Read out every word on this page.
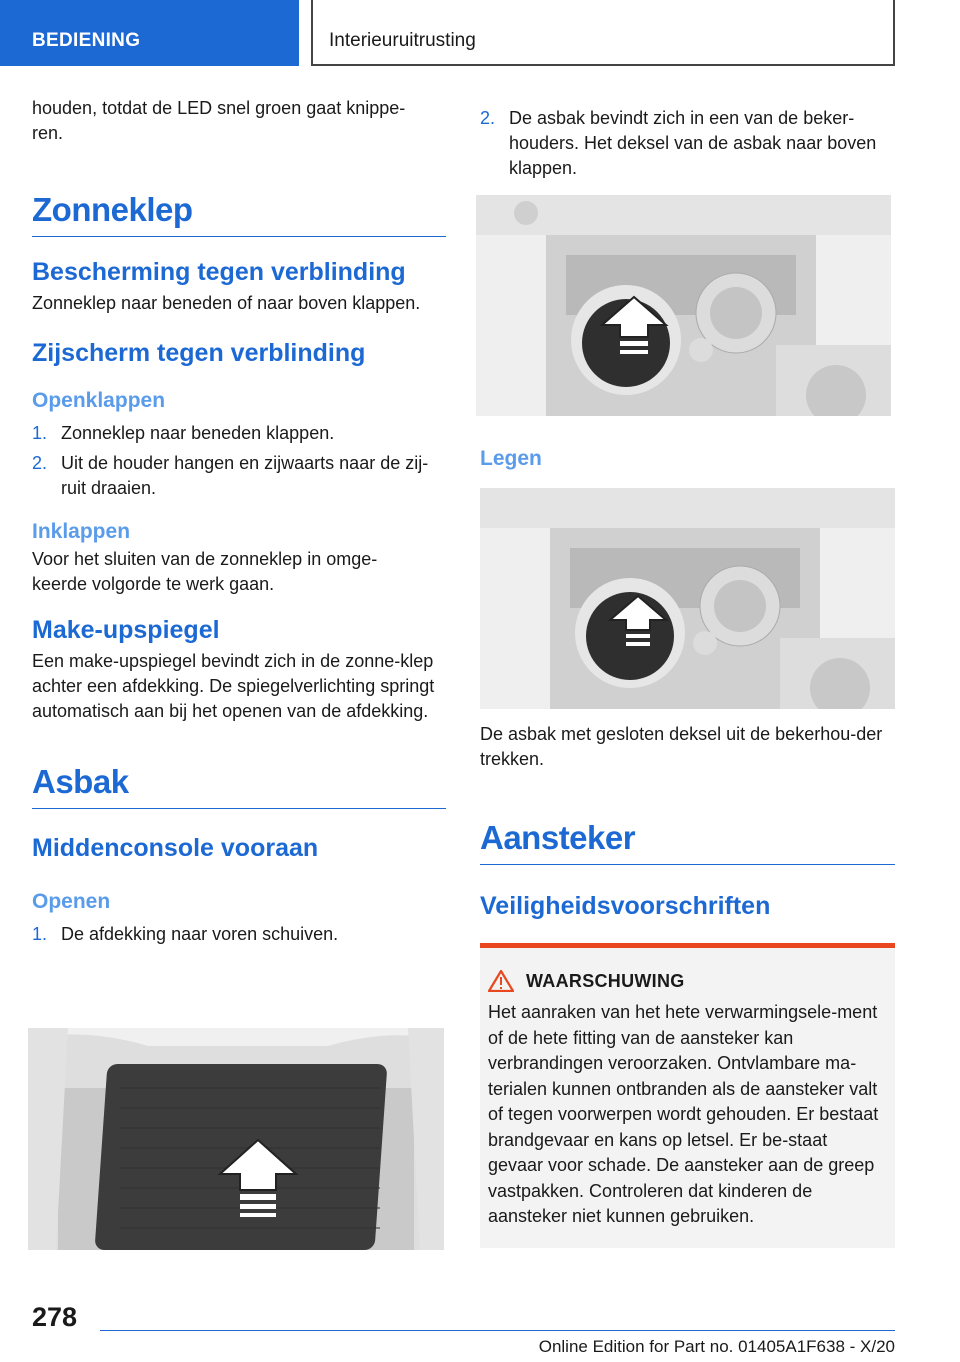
BEDIENING	Interieuruitrusting

houden, totdat de LED snel groen gaat knippe-ren.

Zonneklep
Bescherming tegen verblinding

Zonneklep naar beneden of naar boven klappen.

Zijscherm tegen verblinding
Openklappen
1. Zonneklep naar beneden klappen.
2. Uit de houder hangen en zijwaarts naar de zij-ruit draaien.
Inklappen

Voor het sluiten van de zonneklep in omge-keerde volgorde te werk gaan.

Make-upspiegel

Een make-upspiegel bevindt zich in de zonne-klep achter een afdekking. De spiegelverlichting springt automatisch aan bij het openen van de afdekking.

Asbak
Middenconsole vooraan
Openen
1. De afdekking naar voren schuiven.
2. De asbak bevindt zich in een van de beker-houders. Het deksel van de asbak naar boven klappen.
Legen

De asbak met gesloten deksel uit de bekerhou-der trekken.

Aansteker
Veiligheidsvoorschriften
WAARSCHUWING

Het aanraken van het hete verwarmingsele-ment of de hete fitting van de aansteker kan verbrandingen veroorzaken. Ontvlambare ma-terialen kunnen ontbranden als de aansteker valt of tegen voorwerpen wordt gehouden. Er bestaat brandgevaar en kans op letsel. Er be-staat gevaar voor schade. De aansteker aan de greep vastpakken. Controleren dat kinderen de aansteker niet kunnen gebruiken.

278
Online Edition for Part no. 01405A1F638 - X/20
